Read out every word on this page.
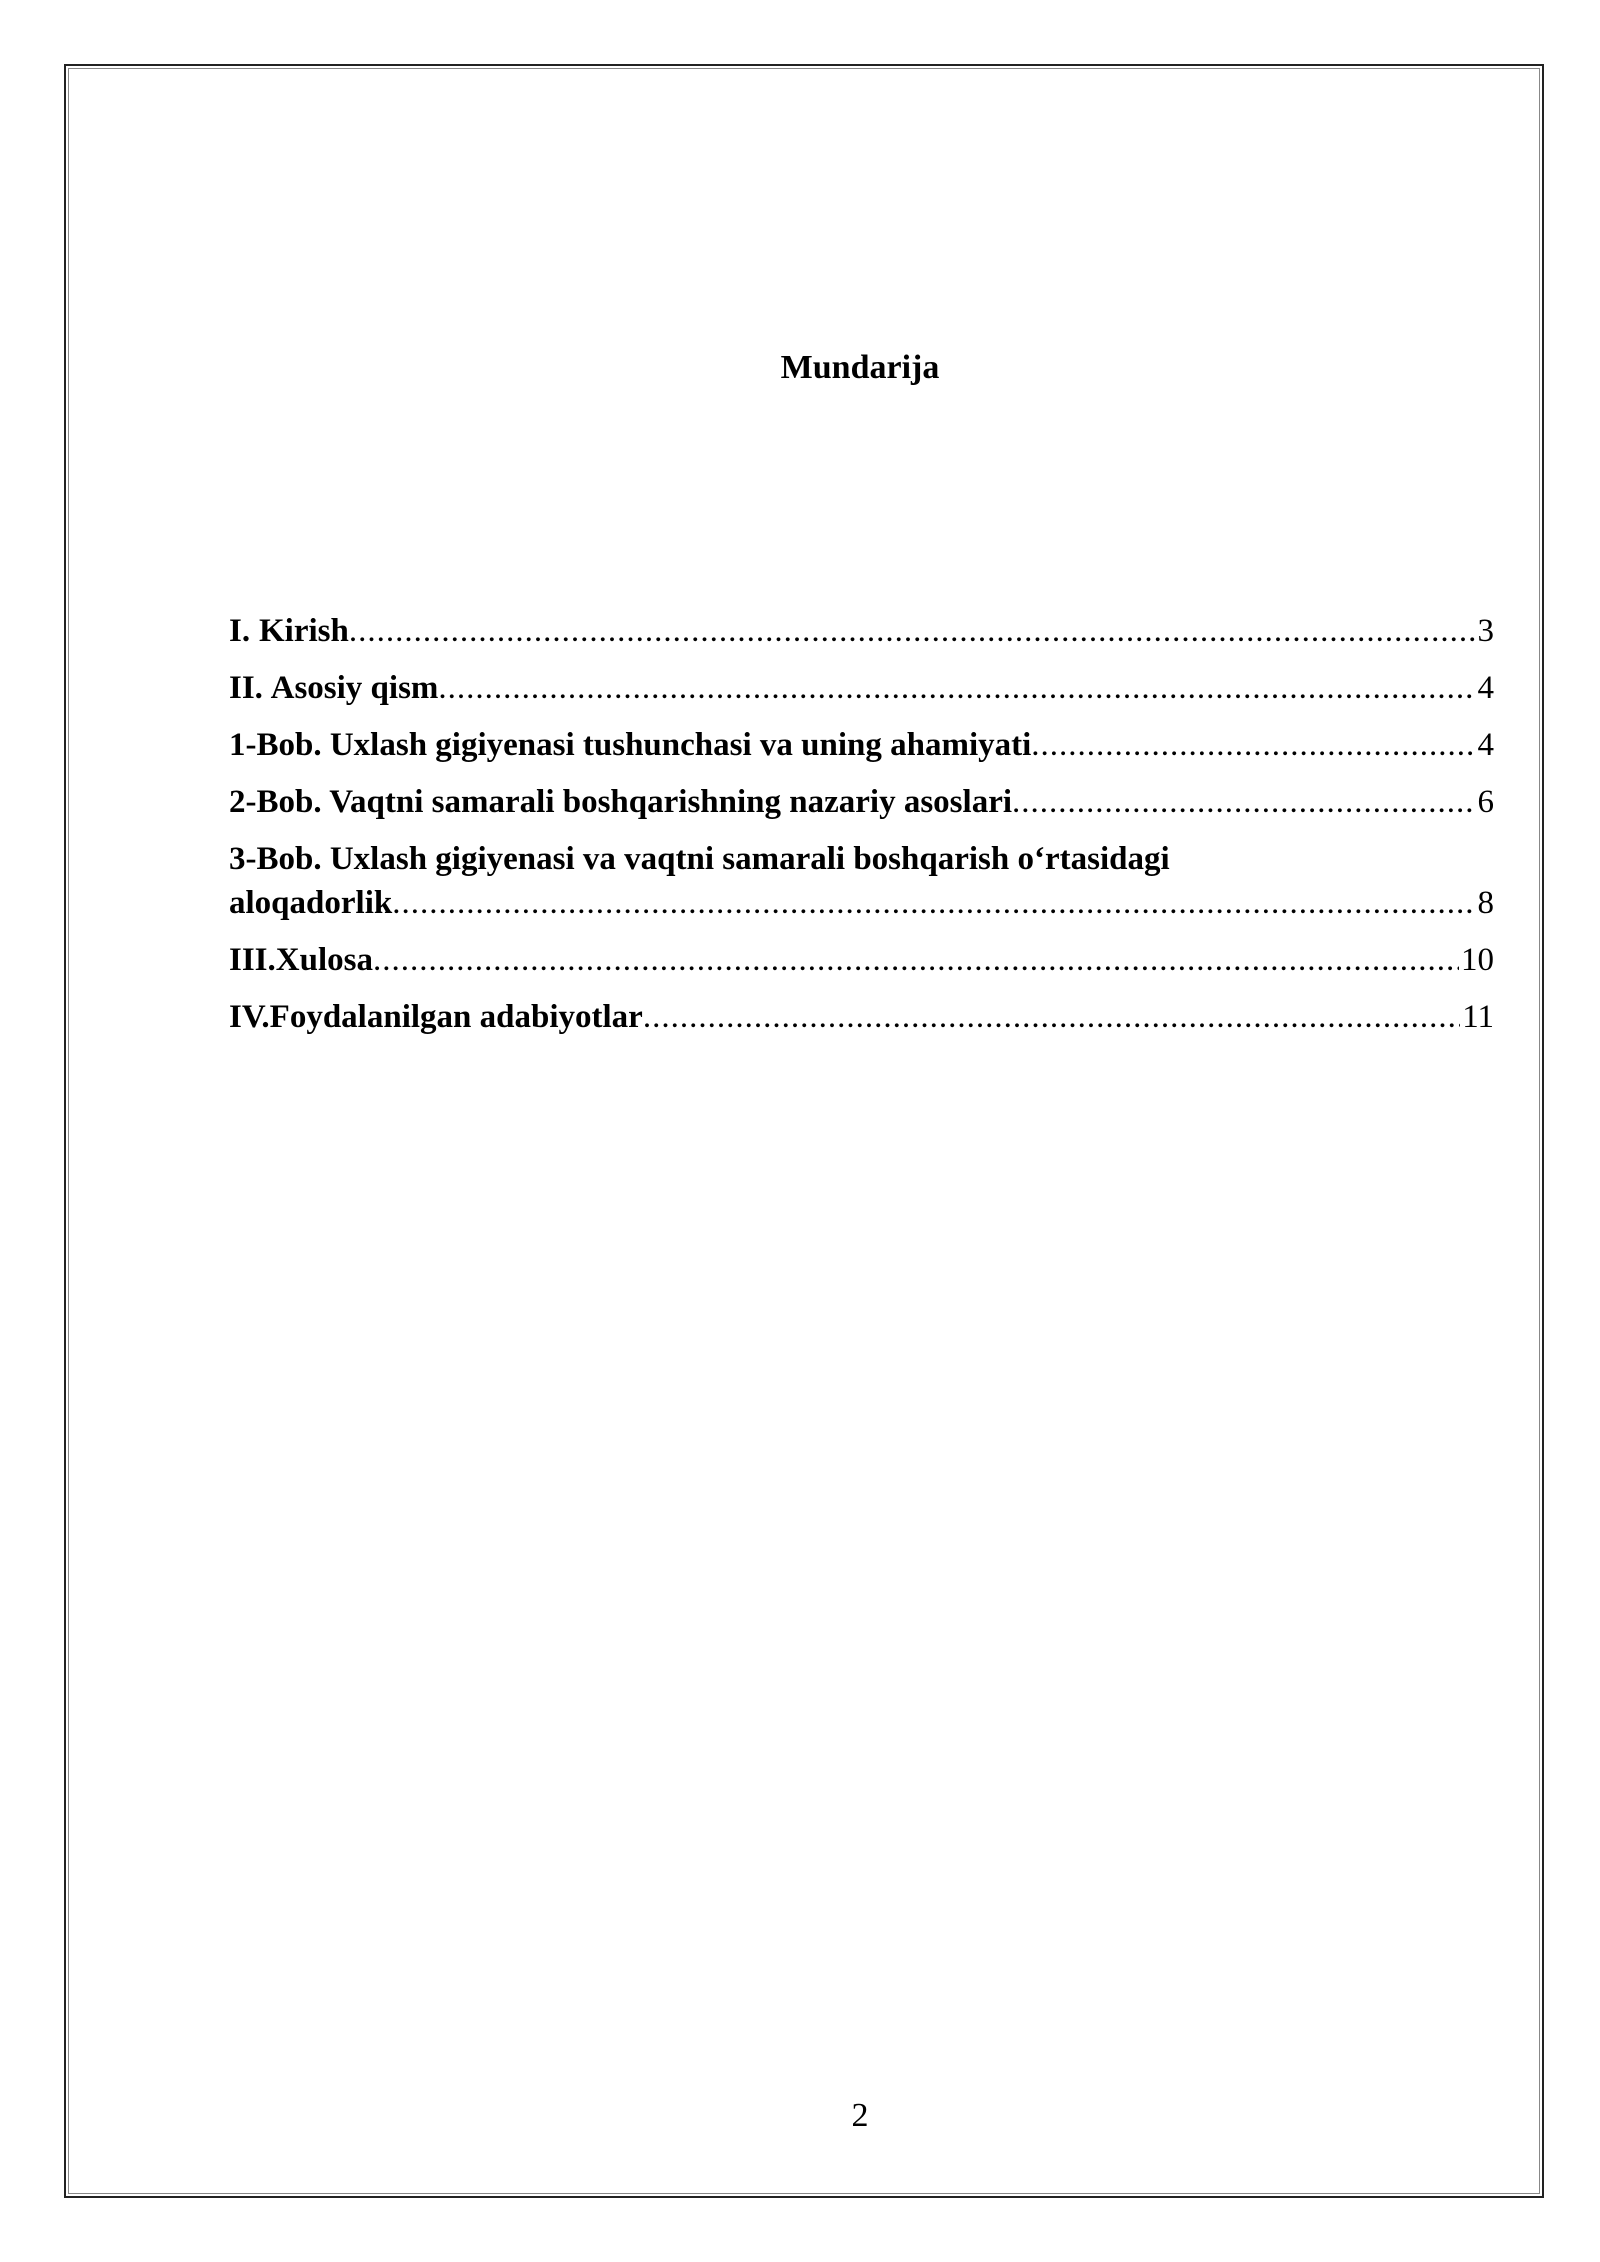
Mundarija
I. Kirish .....	3
II. Asosiy qism .....	4
1-Bob. Uxlash gigiyenasi tushunchasi va uning ahamiyati .....	4
2-Bob. Vaqtni samarali boshqarishning nazariy asoslari .....	6
3-Bob. Uxlash gigiyenasi va vaqtni samarali boshqarish o‘rtasidagi
aloqadorlik .....	8
III. Xulosa .....	10
IV. Foydalanilgan adabiyotlar .....	11
2
